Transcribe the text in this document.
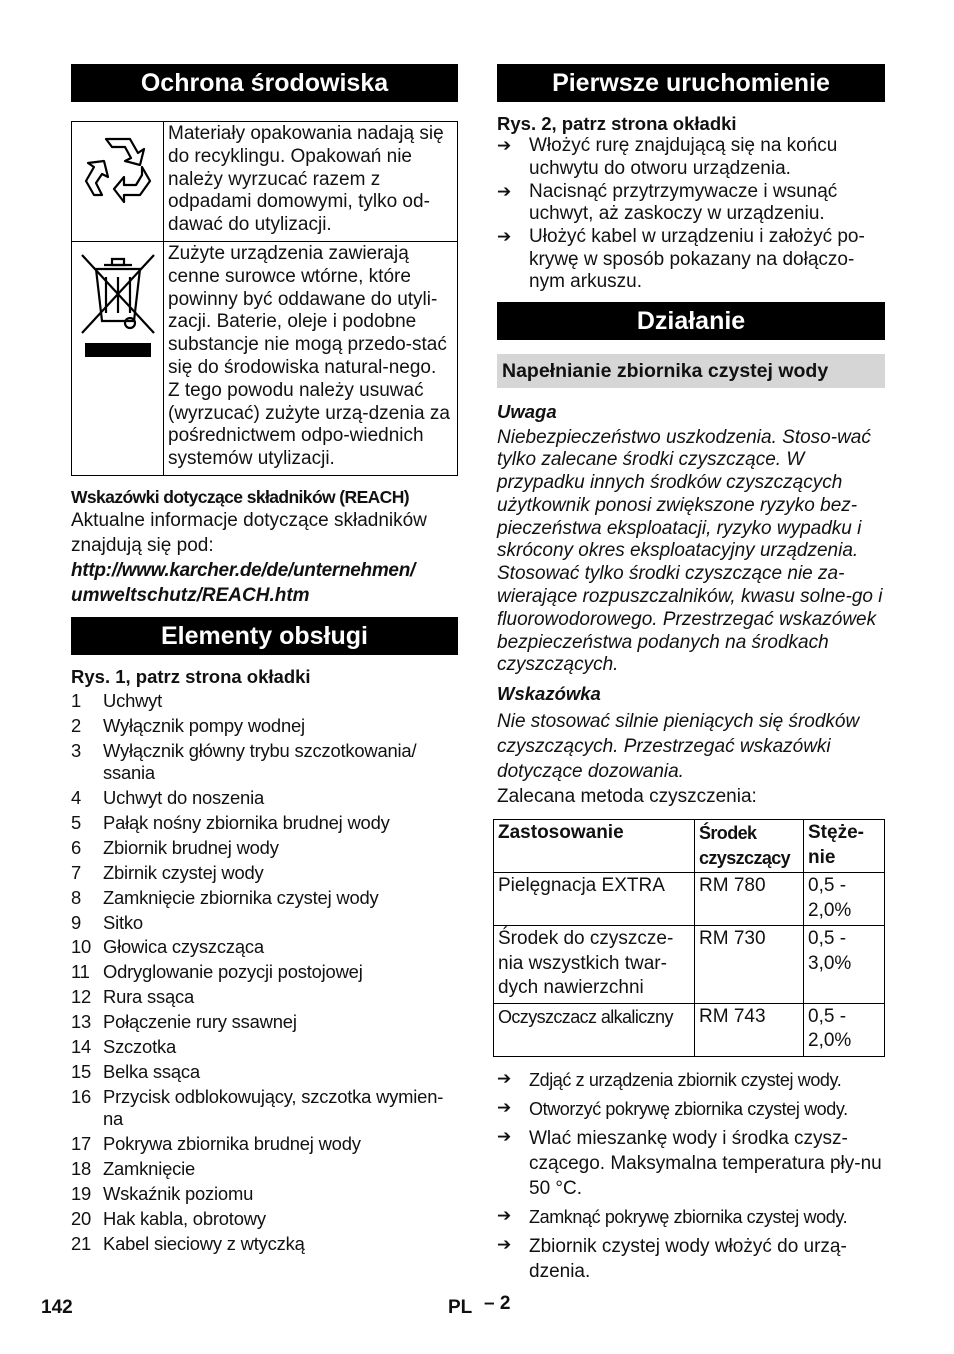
Ochrona środowiska
	Materiały opakowania nadają się do recyklingu. Opakowań nie należy wyrzucać razem z odpadami domowymi, tylko od-dawać do utylizacji.
	Zużyte urządzenia zawierają cenne surowce wtórne, które powinny być oddawane do utyli-zacji. Baterie, oleje i podobne substancje nie mogą przedo-stać się do środowiska natural-nego. Z tego powodu należy usuwać (wyrzucać) zużyte urzą-dzenia za pośrednictwem odpo-wiednich systemów utylizacji.
Wskazówki dotyczące składników (REACH)
Aktualne informacje dotyczące składników znajdują się pod:
http://www.karcher.de/de/unternehmen/
umweltschutz/REACH.htm
Elementy obsługi
Rys. 1, patrz strona okładki
1	Uchwyt
2	Wyłącznik pompy wodnej
3	Wyłącznik główny trybu szczotkowania/ ssania
4	Uchwyt do noszenia
5	Pałąk nośny zbiornika brudnej wody
6	Zbiornik brudnej wody
7	Zbirnik czystej wody
8	Zamknięcie zbiornika czystej wody
9	Sitko
10 Głowica czyszcząca
11 Odryglowanie pozycji postojowej
12 Rura ssąca
13 Połączenie rury ssawnej
14 Szczotka
15 Belka ssąca
16 Przycisk odblokowujący, szczotka wymien-na
17 Pokrywa zbiornika brudnej wody
18 Zamknięcie
19 Wskaźnik poziomu
20 Hak kabla, obrotowy
21 Kabel sieciowy z wtyczką
Pierwsze uruchomienie
Rys. 2, patrz strona okładki
➔ Włożyć rurę znajdującą się na końcu uchwytu do otworu urządzenia.
➔ Nacisnąć przytrzymywacze i wsunąć uchwyt, aż zaskoczy w urządzeniu.
➔ Ułożyć kabel w urządzeniu i założyć po-krywę w sposób pokazany na dołączo-nym arkuszu.
Działanie
Napełnianie zbiornika czystej wody
Uwaga
Niebezpieczeństwo uszkodzenia. Stoso-wać tylko zalecane środki czyszczące. W przypadku innych środków czyszczących użytkownik ponosi zwiększone ryzyko bez-pieczeństwa eksploatacji, ryzyko wypadku i skrócony okres eksploatacyjny urządzenia. Stosować tylko środki czyszczące nie za-wierające rozpuszczalników, kwasu solne-go i fluorowodorowego. Przestrzegać wskazówek bezpieczeństwa podanych na środkach czyszczących.
Wskazówka
Nie stosować silnie pieniących się środków czyszczących. Przestrzegać wskazówki dotyczące dozowania.
Zalecana metoda czyszczenia:
Zastosowanie	Środek czyszczący	Stęże-nie
Pielęgnacja EXTRA	RM 780	0,5 - 2,0%
Środek do czyszcze-nia wszystkich twar-dych nawierzchni	RM 730	0,5 - 3,0%
Oczyszczacz alkaliczny	RM 743	0,5 - 2,0%
➔ Zdjąć z urządzenia zbiornik czystej wody.
➔ Otworzyć pokrywę zbiornika czystej wody.
➔ Wlać mieszankę wody i środka czysz-czącego. Maksymalna temperatura pły-nu 50 °C.
➔ Zamknąć pokrywę zbiornika czystej wody.
➔ Zbiornik czystej wody włożyć do urzą-dzenia.
142	PL – 2
